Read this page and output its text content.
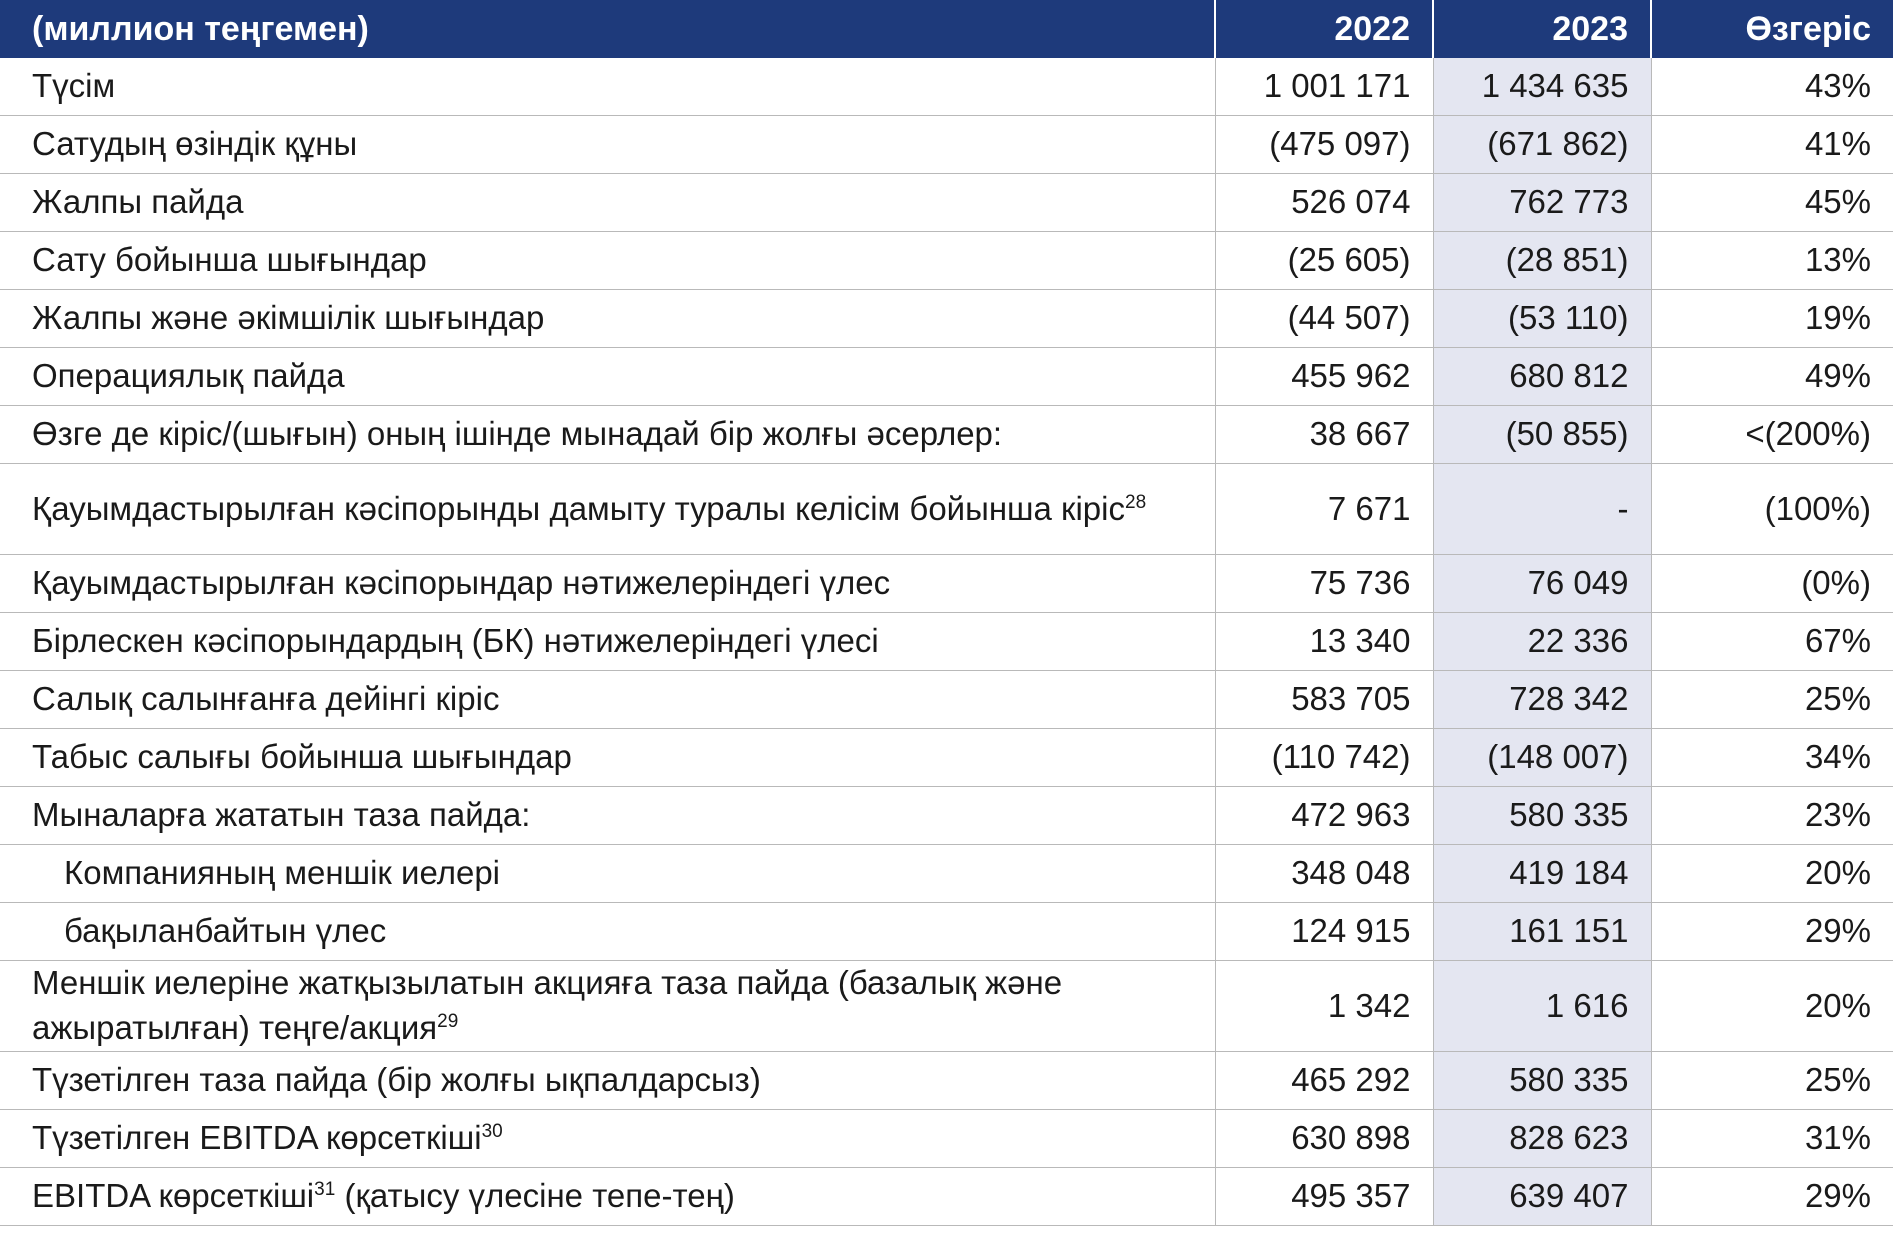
(миллион теңгемен)	2022	2023	Өзгеріс
Түсім	1 001 171	1 434 635	43%
Сатудың өзіндік құны	(475 097)	(671 862)	41%
Жалпы пайда	526 074	762 773	45%
Сату бойынша шығындар	(25 605)	(28 851)	13%
Жалпы және әкімшілік шығындар	(44 507)	(53 110)	19%
Операциялық пайда	455 962	680 812	49%
Өзге де кіріс/(шығын) оның ішінде мынадай бір жолғы әсерлер:	38 667	(50 855)	<(200%)
Қауымдастырылған кәсіпорынды дамыту туралы келісім бойынша кіріс$^{28}$	7 671	-	(100%)
Қауымдастырылған кәсіпорындар нәтижелеріндегі үлес	75 736	76 049	(0%)
Бірлескен кәсіпорындардың (БК) нәтижелеріндегі үлесі	13 340	22 336	67%
Салық салынғанға дейінгі кіріс	583 705	728 342	25%
Табыс салығы бойынша шығындар	(110 742)	(148 007)	34%
Мыналарға жататын таза пайда:	472 963	580 335	23%
Компанияның меншік иелері	348 048	419 184	20%
бақыланбайтын үлес	124 915	161 151	29%
Меншік иелеріне жатқызылатын акцияға таза пайда (базалық және ажыратылған) теңге/акция$^{29}$	1 342	1 616	20%
Түзетілген таза пайда (бір жолғы ықпалдарсыз)	465 292	580 335	25%
Түзетілген EBITDA көрсеткіші$^{30}$	630 898	828 623	31%
EBITDA көрсеткіші$^{31}$ (қатысу үлесіне тепе-тең)	495 357	639 407	29%
